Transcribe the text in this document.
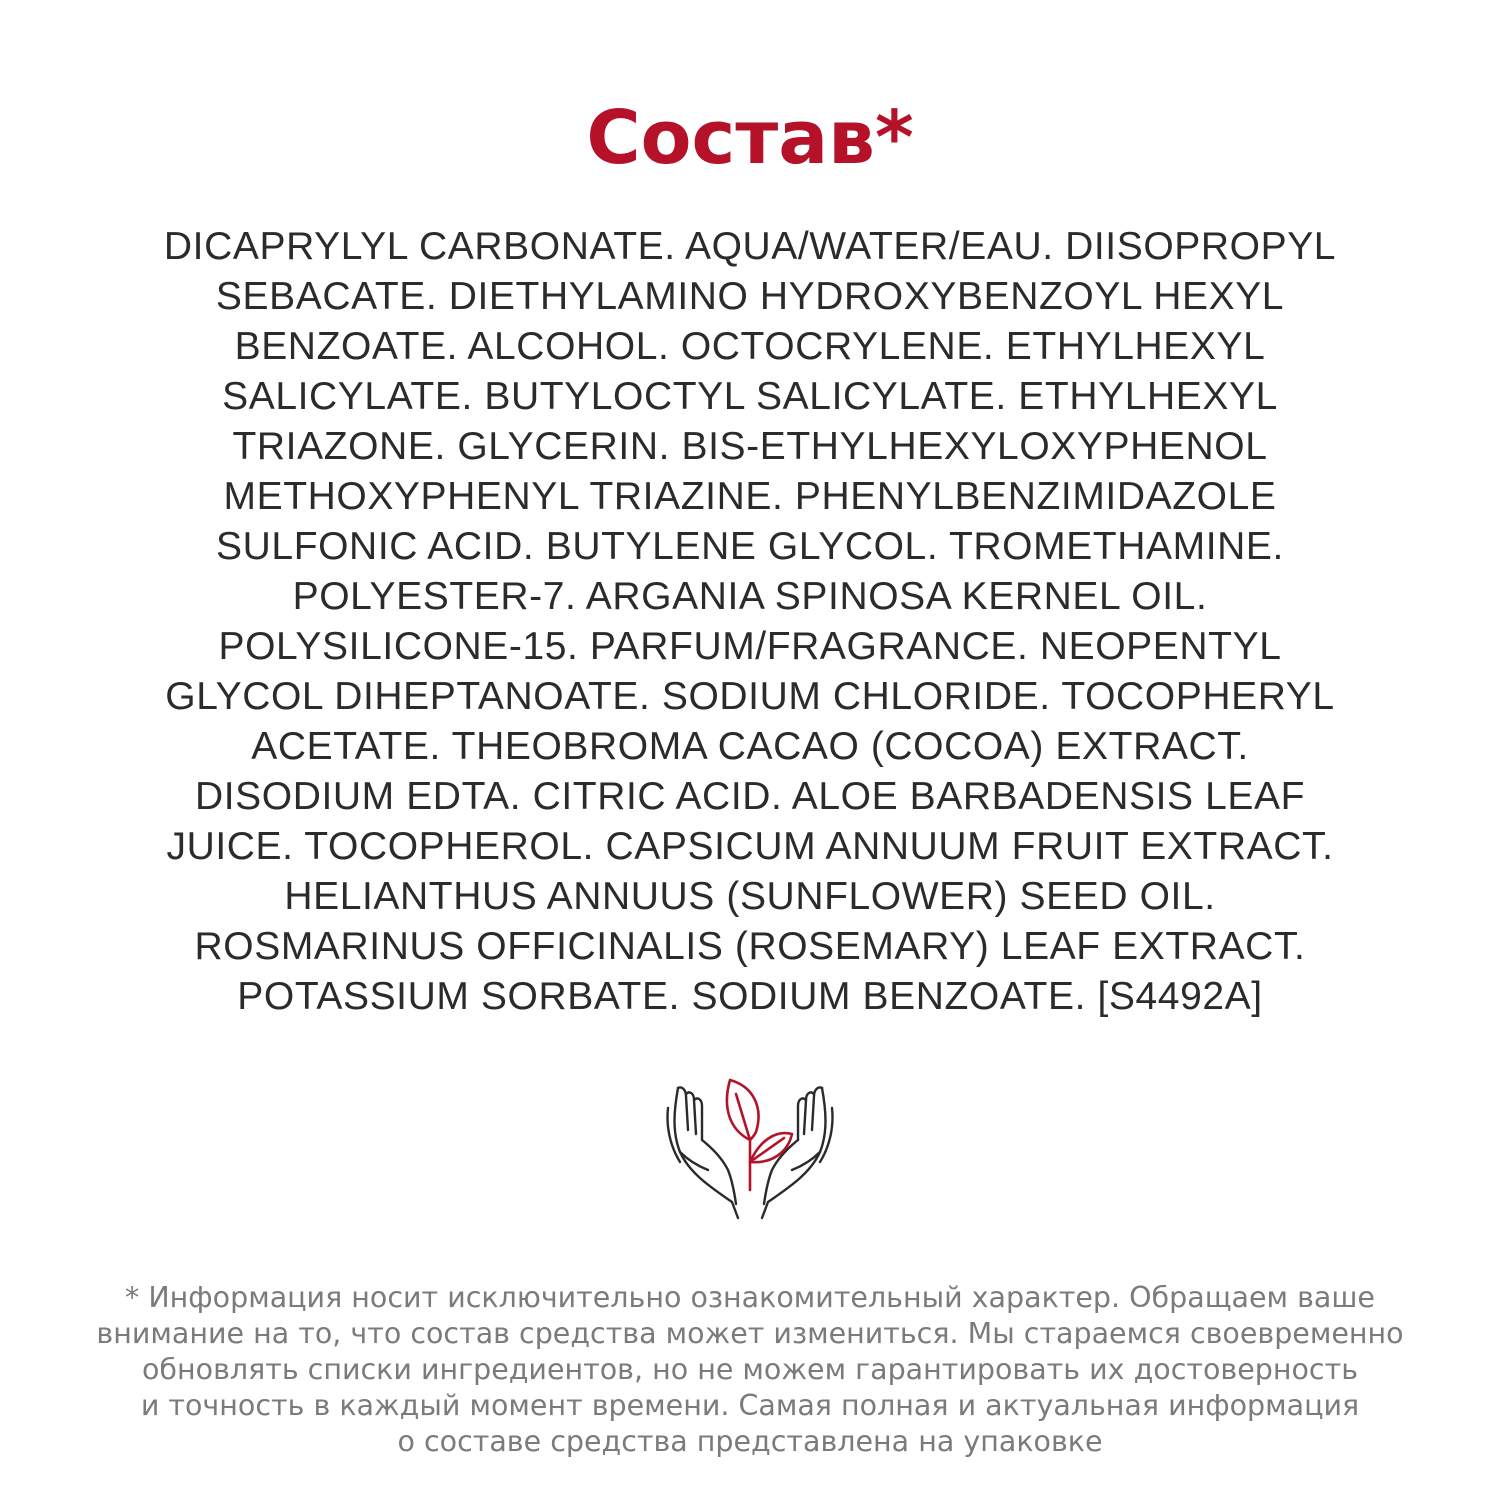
Состав*
DICAPRYLYL CARBONATE. AQUA/WATER/EAU. DIISOPROPYL
SEBACATE. DIETHYLAMINO HYDROXYBENZOYL HEXYL
BENZOATE. ALCOHOL. OCTOCRYLENE. ETHYLHEXYL
SALICYLATE. BUTYLOCTYL SALICYLATE. ETHYLHEXYL
TRIAZONE. GLYCERIN. BIS-ETHYLHEXYLOXYPHENOL
METHOXYPHENYL TRIAZINE. PHENYLBENZIMIDAZOLE
SULFONIC ACID. BUTYLENE GLYCOL. TROMETHAMINE.
POLYESTER-7. ARGANIA SPINOSA KERNEL OIL.
POLYSILICONE-15. PARFUM/FRAGRANCE. NEOPENTYL
GLYCOL DIHEPTANOATE. SODIUM CHLORIDE. TOCOPHERYL
ACETATE. THEOBROMA CACAO (COCOA) EXTRACT.
DISODIUM EDTA. CITRIC ACID. ALOE BARBADENSIS LEAF
JUICE. TOCOPHEROL. CAPSICUM ANNUUM FRUIT EXTRACT.
HELIANTHUS ANNUUS (SUNFLOWER) SEED OIL.
ROSMARINUS OFFICINALIS (ROSEMARY) LEAF EXTRACT.
POTASSIUM SORBATE. SODIUM BENZOATE. [S4492A]
* Информация носит исключительно ознакомительный характер. Обращаем ваше
внимание на то, что состав средства может измениться. Мы стараемся своевременно
обновлять списки ингредиентов, но не можем гарантировать их достоверность
и точность в каждый момент времени. Самая полная и актуальная информация
о составе средства представлена на упаковке
